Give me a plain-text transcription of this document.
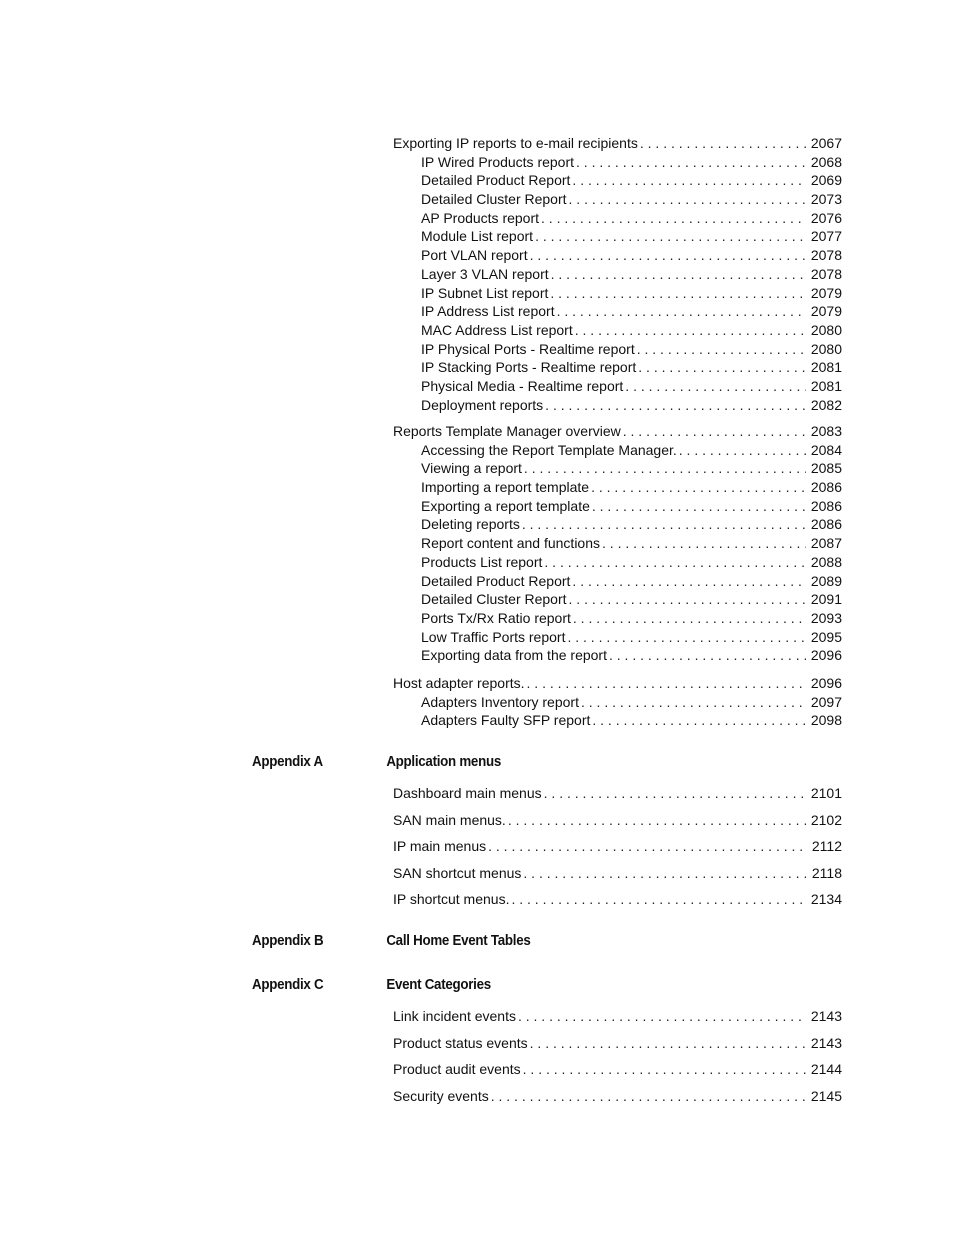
Exporting IP reports to e-mail recipients . . .	2067
IP Wired Products report . . .	2068
Detailed Product Report . . .	2069
Detailed Cluster Report . . .	2073
AP Products report . . .	2076
Module List report . . .	2077
Port VLAN report . . .	2078
Layer 3 VLAN report . . .	2078
IP Subnet List report . . .	2079
IP Address List report . . .	2079
MAC Address List report . . .	2080
IP Physical Ports - Realtime report . . .	2080
IP Stacking Ports - Realtime report . . .	2081
Physical Media - Realtime report . . .	2081
Deployment reports . . .	2082
Reports Template Manager overview . . .	2083
Accessing the Report Template Manager. . . .	2084
Viewing a report . . .	2085
Importing a report template . . .	2086
Exporting a report template . . .	2086
Deleting reports . . .	2086
Report content and functions . . .	2087
Products List report . . .	2088
Detailed Product Report . . .	2089
Detailed Cluster Report . . .	2091
Ports Tx/Rx Ratio report . . .	2093
Low Traffic Ports report . . .	2095
Exporting data from the report . . .	2096
Host adapter reports. . . .	2096
Adapters Inventory report . . .	2097
Adapters Faulty SFP report . . .	2098
Appendix A	Application menus
Dashboard main menus . . .	2101
SAN main menus. . . .	2102
IP main menus . . .	2112
SAN shortcut menus . . .	2118
IP shortcut menus. . . .	2134
Appendix B	Call Home Event Tables
Appendix C	Event Categories
Link incident events . . .	2143
Product status events . . .	2143
Product audit events . . .	2144
Security events . . .	2145
